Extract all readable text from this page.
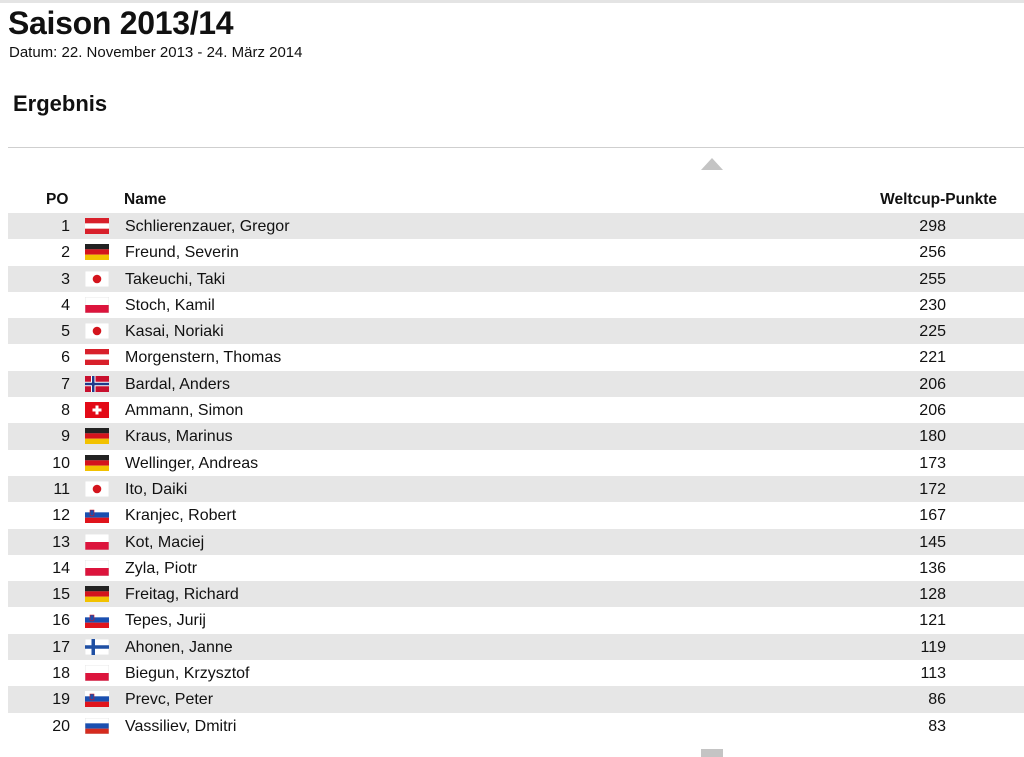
Saison 2013/14
Datum: 22. November 2013 - 24. März 2014
Ergebnis
PO	Name	Weltcup-Punkte
1	Schlierenzauer, Gregor	298
2	Freund, Severin	256
3	Takeuchi, Taki	255
4	Stoch, Kamil	230
5	Kasai, Noriaki	225
6	Morgenstern, Thomas	221
7	Bardal, Anders	206
8	Ammann, Simon	206
9	Kraus, Marinus	180
10	Wellinger, Andreas	173
11	Ito, Daiki	172
12	Kranjec, Robert	167
13	Kot, Maciej	145
14	Zyla, Piotr	136
15	Freitag, Richard	128
16	Tepes, Jurij	121
17	Ahonen, Janne	119
18	Biegun, Krzysztof	113
19	Prevc, Peter	86
20	Vassiliev, Dmitri	83
